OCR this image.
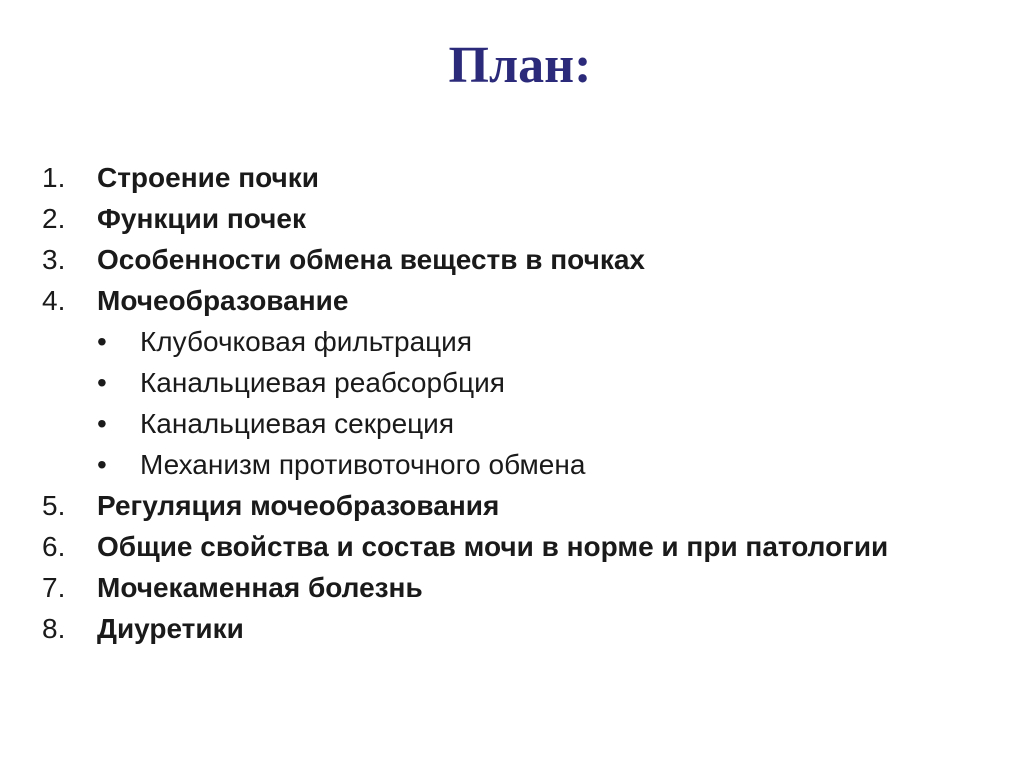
План:
1. Строение почки
2. Функции почек
3. Особенности обмена веществ в почках
4. Мочеобразование
• Клубочковая фильтрация
• Канальциевая реабсорбция
• Канальциевая секреция
• Механизм противоточного обмена
5. Регуляция мочеобразования
6. Общие свойства и состав мочи в норме и при патологии
7. Мочекаменная болезнь
8. Диуретики
